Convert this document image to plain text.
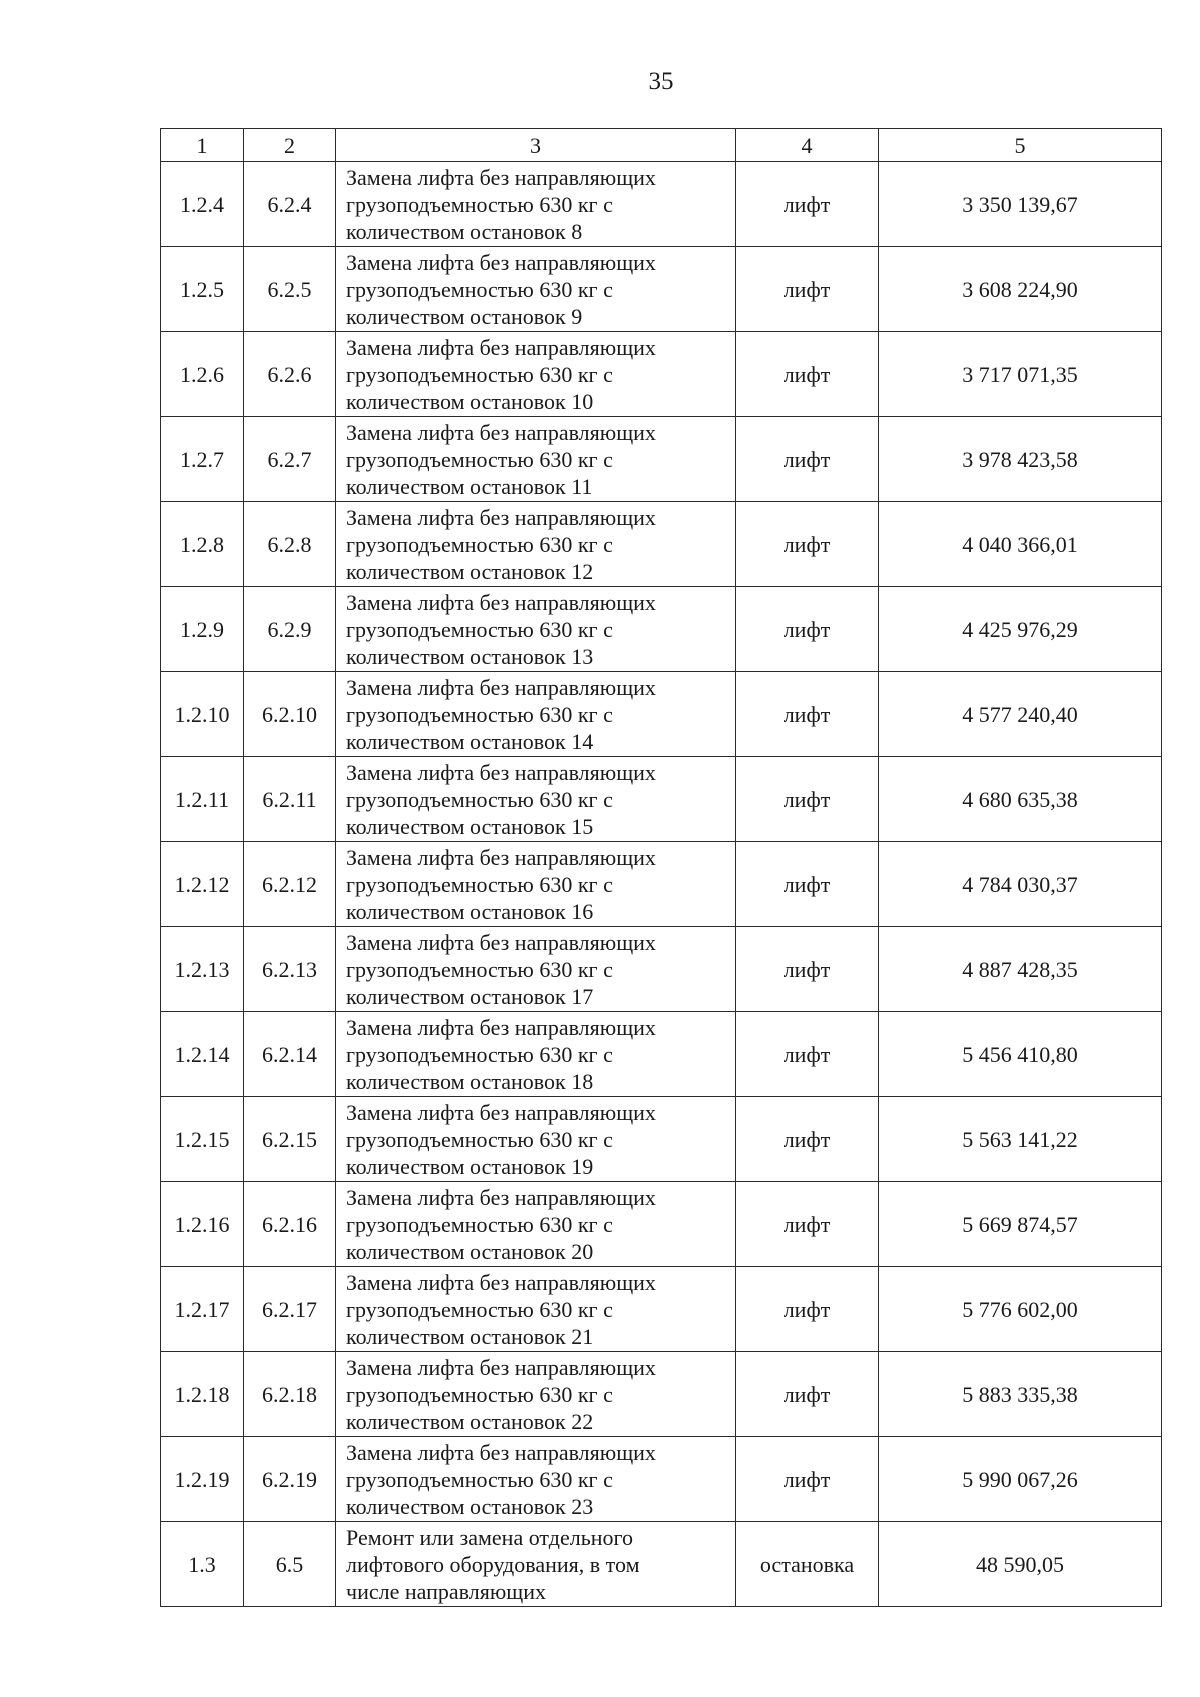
35
1	2	3	4	5
1.2.4	6.2.4	Замена лифта без направляющих
грузоподъемностью 630 кг с
количеством остановок 8	лифт	3 350 139,67
1.2.5	6.2.5	Замена лифта без направляющих
грузоподъемностью 630 кг с
количеством остановок 9	лифт	3 608 224,90
1.2.6	6.2.6	Замена лифта без направляющих
грузоподъемностью 630 кг с
количеством остановок 10	лифт	3 717 071,35
1.2.7	6.2.7	Замена лифта без направляющих
грузоподъемностью 630 кг с
количеством остановок 11	лифт	3 978 423,58
1.2.8	6.2.8	Замена лифта без направляющих
грузоподъемностью 630 кг с
количеством остановок 12	лифт	4 040 366,01
1.2.9	6.2.9	Замена лифта без направляющих
грузоподъемностью 630 кг с
количеством остановок 13	лифт	4 425 976,29
1.2.10	6.2.10	Замена лифта без направляющих
грузоподъемностью 630 кг с
количеством остановок 14	лифт	4 577 240,40
1.2.11	6.2.11	Замена лифта без направляющих
грузоподъемностью 630 кг с
количеством остановок 15	лифт	4 680 635,38
1.2.12	6.2.12	Замена лифта без направляющих
грузоподъемностью 630 кг с
количеством остановок 16	лифт	4 784 030,37
1.2.13	6.2.13	Замена лифта без направляющих
грузоподъемностью 630 кг с
количеством остановок 17	лифт	4 887 428,35
1.2.14	6.2.14	Замена лифта без направляющих
грузоподъемностью 630 кг с
количеством остановок 18	лифт	5 456 410,80
1.2.15	6.2.15	Замена лифта без направляющих
грузоподъемностью 630 кг с
количеством остановок 19	лифт	5 563 141,22
1.2.16	6.2.16	Замена лифта без направляющих
грузоподъемностью 630 кг с
количеством остановок 20	лифт	5 669 874,57
1.2.17	6.2.17	Замена лифта без направляющих
грузоподъемностью 630 кг с
количеством остановок 21	лифт	5 776 602,00
1.2.18	6.2.18	Замена лифта без направляющих
грузоподъемностью 630 кг с
количеством остановок 22	лифт	5 883 335,38
1.2.19	6.2.19	Замена лифта без направляющих
грузоподъемностью 630 кг с
количеством остановок 23	лифт	5 990 067,26
1.3	6.5	Ремонт или замена отдельного
лифтового оборудования, в том
числе направляющих	остановка	48 590,05
